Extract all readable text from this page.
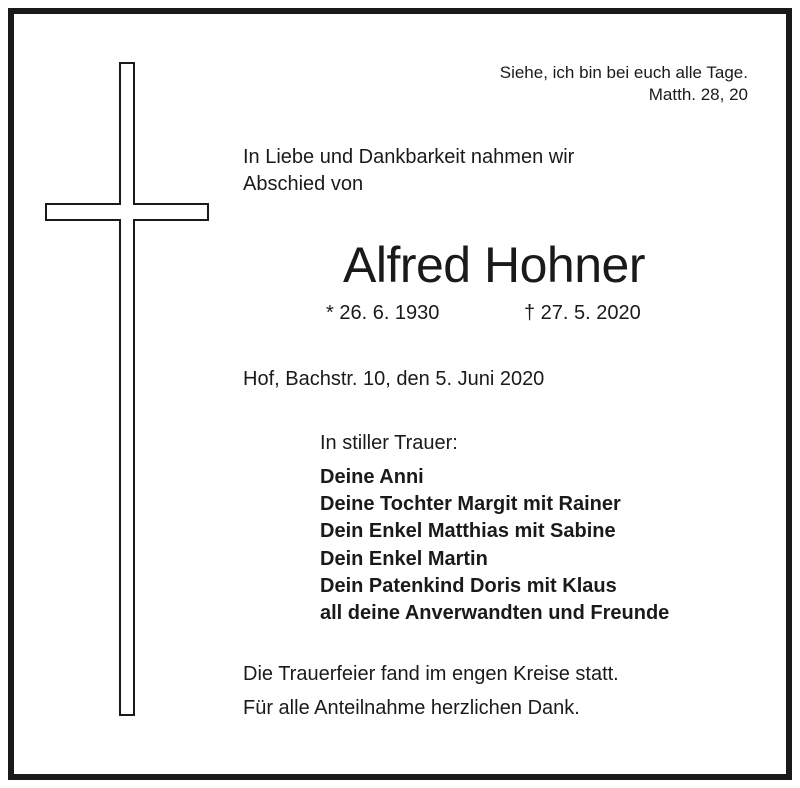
Siehe, ich bin bei euch alle Tage.

Matth. 28, 20

In Liebe und Dankbarkeit nahmen wir

Abschied von

Alfred Hohner

* 26. 6. 1930	† 27. 5. 2020

Hof, Bachstr. 10, den 5. Juni 2020

In stiller Trauer:

Deine Anni
Deine Tochter Margit mit Rainer
Dein Enkel Matthias mit Sabine
Dein Enkel Martin
Dein Patenkind Doris mit Klaus
all deine Anverwandten und Freunde

Die Trauerfeier fand im engen Kreise statt.

Für alle Anteilnahme herzlichen Dank.
